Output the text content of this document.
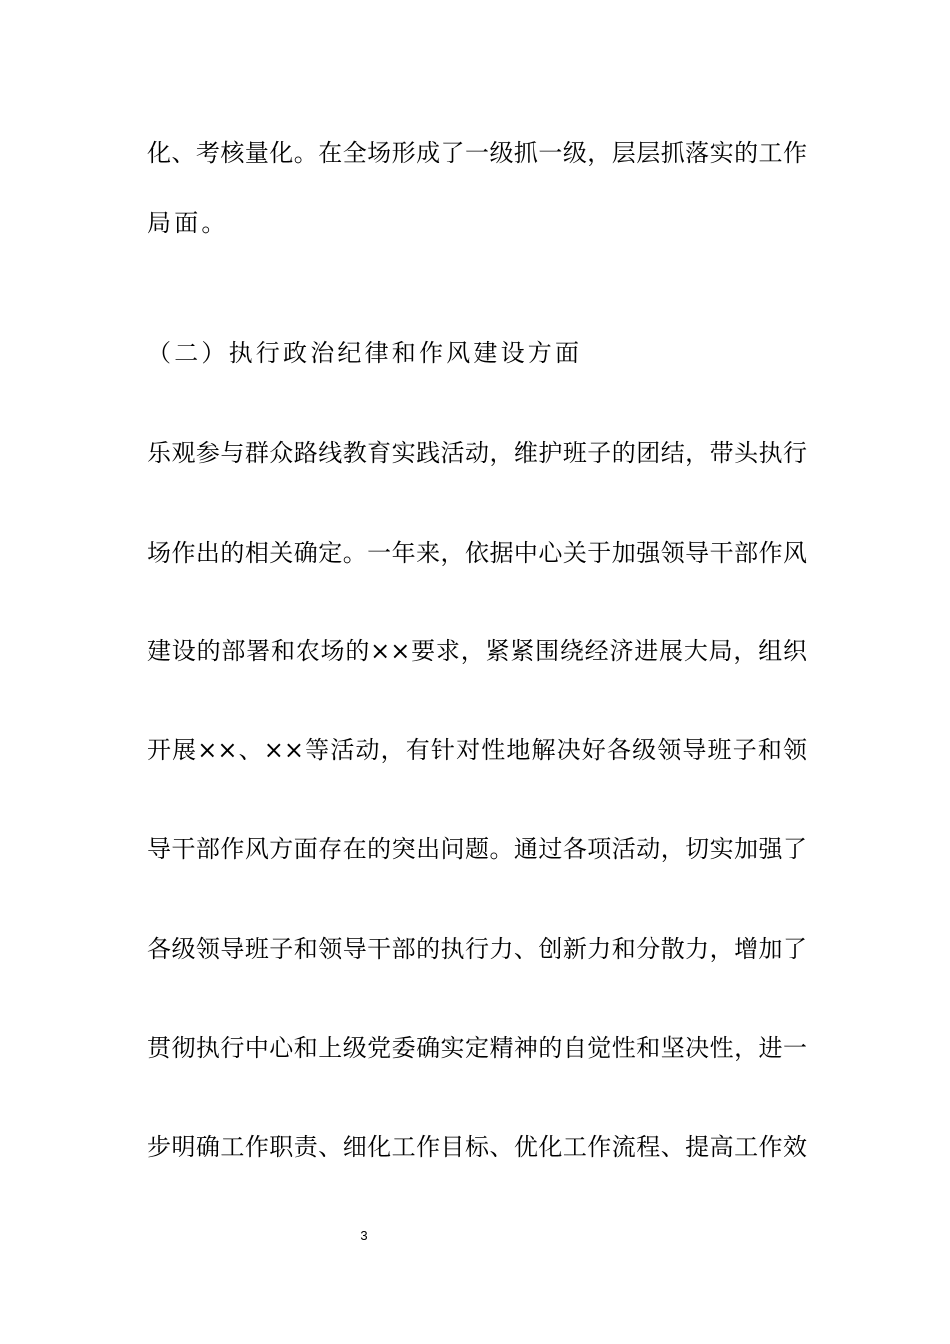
化、考核量化。在全场形成了一级抓一级，层层抓落实的工作
局面。
（二）执行政治纪律和作风建设方面
乐观参与群众路线教育实践活动，维护班子的团结，带头执行
场作出的相关确定。一年来，依据中心关于加强领导干部作风
建设的部署和农场的××要求，紧紧围绕经济进展大局，组织
开展××、××等活动，有针对性地解决好各级领导班子和领
导干部作风方面存在的突出问题。通过各项活动，切实加强了
各级领导班子和领导干部的执行力、创新力和分散力，增加了
贯彻执行中心和上级党委确实定精神的自觉性和坚决性，进一
步明确工作职责、细化工作目标、优化工作流程、提高工作效
3
